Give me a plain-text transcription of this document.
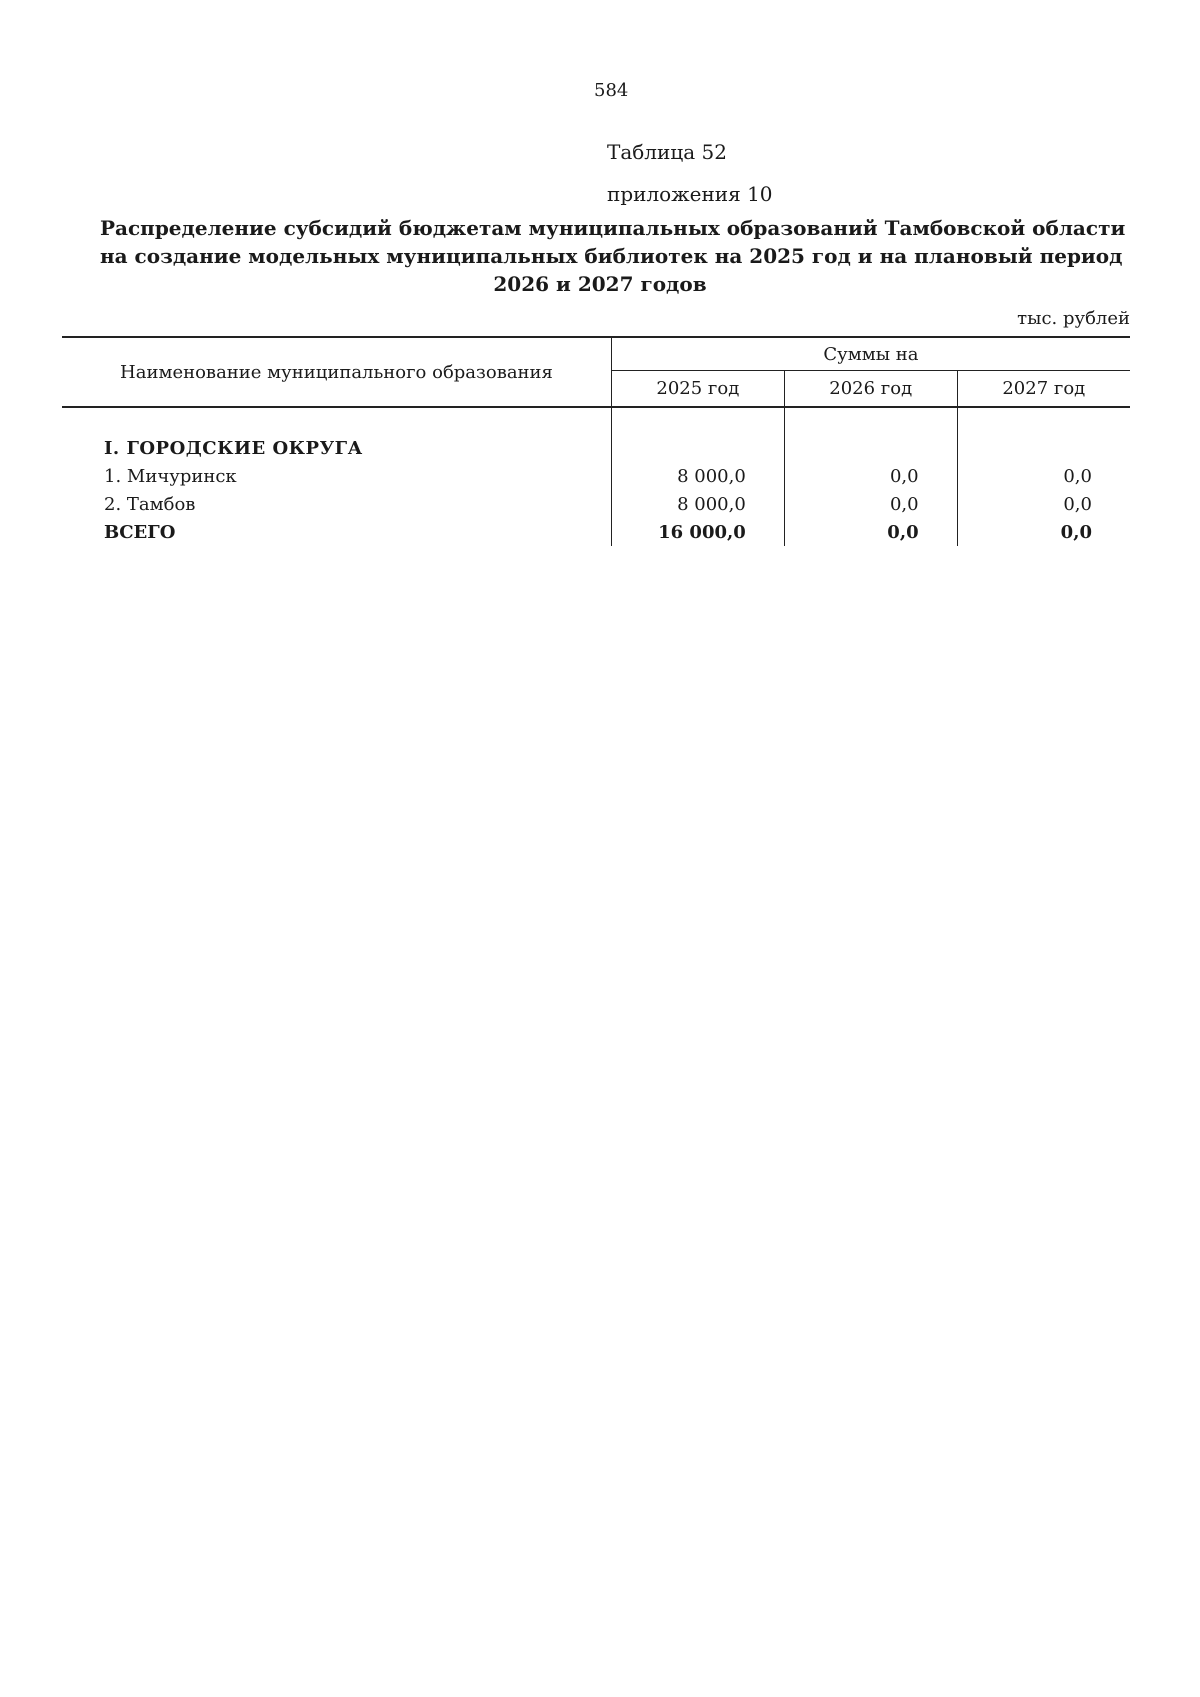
584
Таблица 52
приложения 10
Распределение субсидий бюджетам муниципальных образований Тамбовской области
на создание модельных муниципальных библиотек на 2025 год и на плановый период
2026 и 2027 годов
тыс. рублей
Наименование муниципального образования	Суммы на		
	2025 год	2026 год	2027 год

I. ГОРОДСКИЕ ОКРУГА			
1. Мичуринск	8 000,0	0,0	0,0
2. Тамбов	8 000,0	0,0	0,0
ВСЕГО	16 000,0	0,0	0,0
